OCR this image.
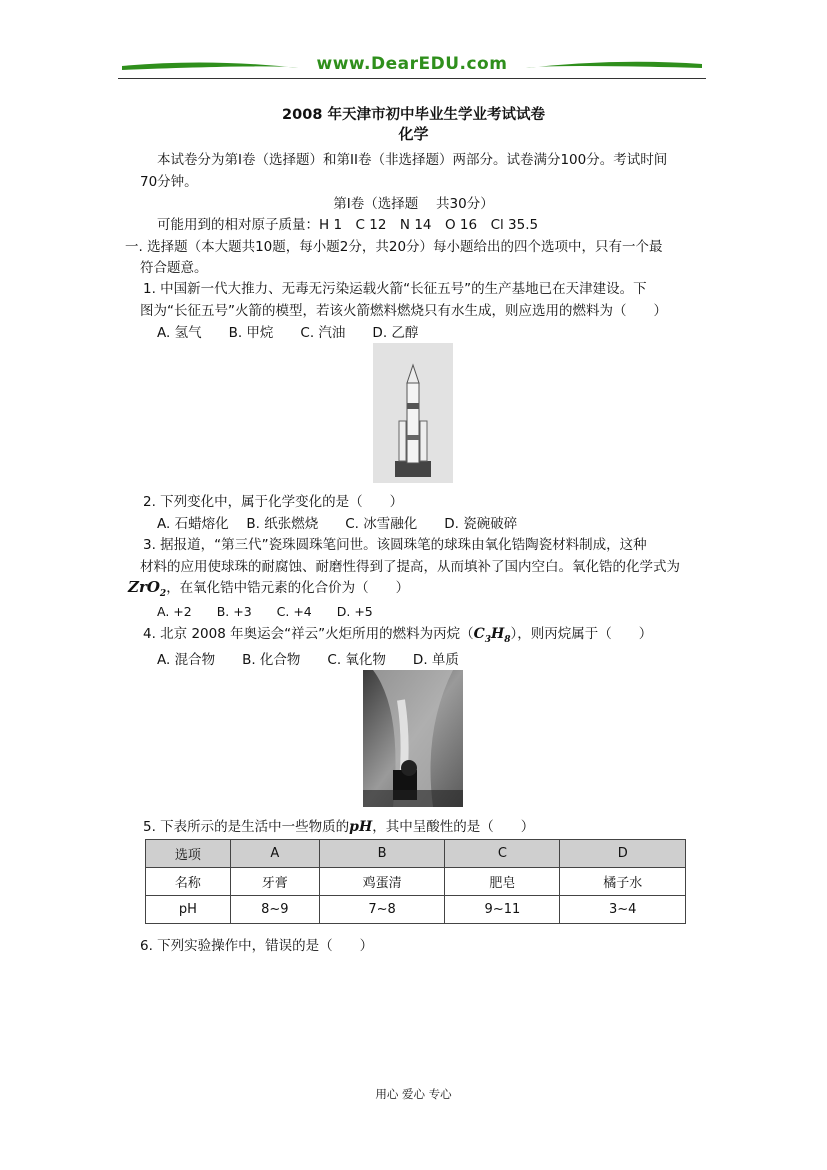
www.DearEDU.com
2008 年天津市初中毕业生学业考试试卷
化学
本试卷分为第I卷（选择题）和第II卷（非选择题）两部分。试卷满分100分。考试时间
70分钟。
第I卷（选择题　 共30分）
可能用到的相对原子质量：H 1　C 12　N 14　O 16　Cl 35.5
一. 选择题（本大题共10题，每小题2分，共20分）每小题给出的四个选项中，只有一个最
符合题意。
1. 中国新一代大推力、无毒无污染运载火箭“长征五号”的生产基地已在天津建设。下
图为“长征五号”火箭的模型，若该火箭燃料燃烧只有水生成，则应选用的燃料为（　　）
A. 氢气　　B. 甲烷　　C. 汽油　　D. 乙醇
2. 下列变化中，属于化学变化的是（　　）
A. 石蜡熔化　 B. 纸张燃烧　　C. 冰雪融化　　D. 瓷碗破碎
3. 据报道，“第三代”瓷珠圆珠笔问世。该圆珠笔的球珠由氧化锆陶瓷材料制成，这种
材料的应用使球珠的耐腐蚀、耐磨性得到了提高，从而填补了国内空白。氧化锆的化学式为
ZrO$_2$，在氧化锆中锆元素的化合价为（　　）
A. +2　　B. +3　　C. +4　　D. +5
4. 北京 2008 年奥运会“祥云”火炬所用的燃料为丙烷$(C_3H_8)$，则丙烷属于（　　）
A. 混合物　　B. 化合物　　C. 氧化物　　D. 单质
5. 下表所示的是生活中一些物质的pH，其中呈酸性的是（　　）
选项	A	B	C	D
名称	牙膏	鸡蛋清	肥皂	橘子水
pH	8~9	7~8	9~11	3~4
6. 下列实验操作中，错误的是（　　）
用心 爱心 专心
